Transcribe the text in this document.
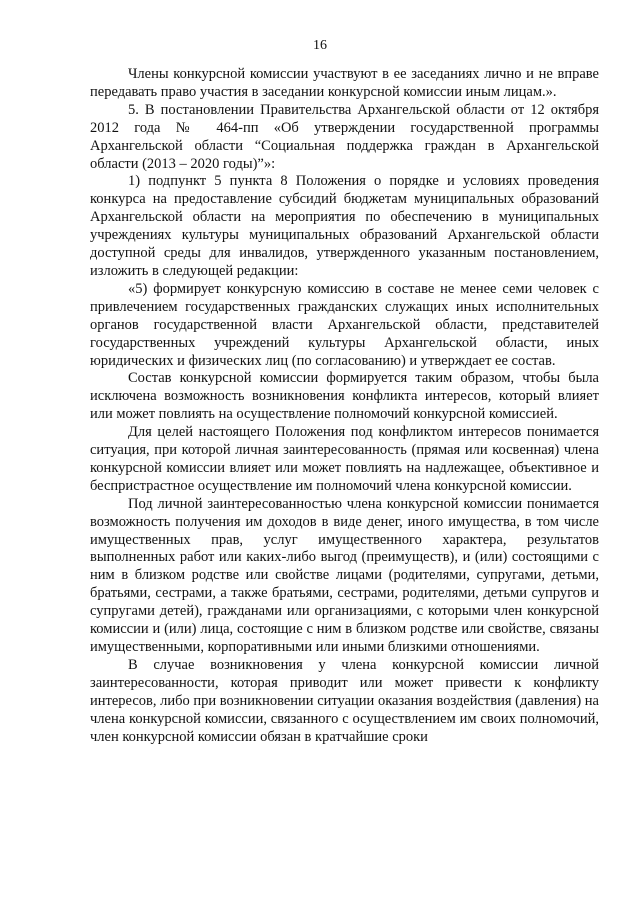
16

Члены конкурсной комиссии участвуют в ее заседаниях лично и не вправе передавать право участия в заседании конкурсной комиссии иным лицам.».

5. В постановлении Правительства Архангельской области от 12 октября 2012 года № 464-пп «Об утверждении государственной программы Архангельской области “Социальная поддержка граждан в Архангельской области (2013 – 2020 годы)”»:

1) подпункт 5 пункта 8 Положения о порядке и условиях проведения конкурса на предоставление субсидий бюджетам муниципальных образований Архангельской области на мероприятия по обеспечению в муниципальных учреждениях культуры муниципальных образований Архангельской области доступной среды для инвалидов, утвержденного указанным постановлением, изложить в следующей редакции:

«5) формирует конкурсную комиссию в составе не менее семи человек с привлечением государственных гражданских служащих иных исполнительных органов государственной власти Архангельской области, представителей государственных учреждений культуры Архангельской области, иных юридических и физических лиц (по согласованию) и утверждает ее состав.

Состав конкурсной комиссии формируется таким образом, чтобы была исключена возможность возникновения конфликта интересов, который влияет или может повлиять на осуществление полномочий конкурсной комиссией.

Для целей настоящего Положения под конфликтом интересов понимается ситуация, при которой личная заинтересованность (прямая или косвенная) члена конкурсной комиссии влияет или может повлиять на надлежащее, объективное и беспристрастное осуществление им полномочий члена конкурсной комиссии.

Под личной заинтересованностью члена конкурсной комиссии понимается возможность получения им доходов в виде денег, иного имущества, в том числе имущественных прав, услуг имущественного характера, результатов выполненных работ или каких-либо выгод (преимуществ), и (или) состоящими с ним в близком родстве или свойстве лицами (родителями, супругами, детьми, братьями, сестрами, а также братьями, сестрами, родителями, детьми супругов и супругами детей), гражданами или организациями, с которыми член конкурсной комиссии и (или) лица, состоящие с ним в близком родстве или свойстве, связаны имущественными, корпоративными или иными близкими отношениями.

В случае возникновения у члена конкурсной комиссии личной заинтересованности, которая приводит или может привести к конфликту интересов, либо при возникновении ситуации оказания воздействия (давления) на члена конкурсной комиссии, связанного с осуществлением им своих полномочий, член конкурсной комиссии обязан в кратчайшие сроки
